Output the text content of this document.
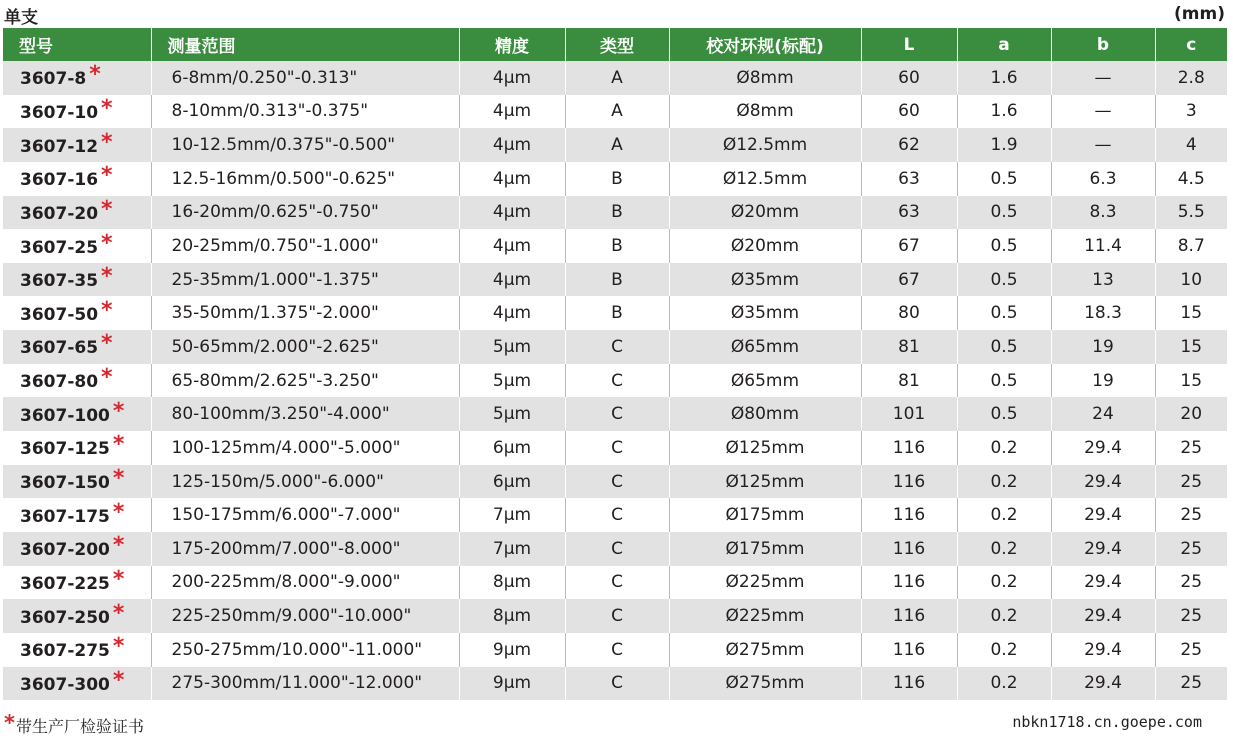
单支	(mm)
型号	测量范围	精度	类型	校对环规(标配)	L	a	b	c
3607-8 *	6-8mm/0.250"-0.313"	4μm	A	Ø8mm	60	1.6	—	2.8
3607-10 *	8-10mm/0.313"-0.375"	4μm	A	Ø8mm	60	1.6	—	3
3607-12 *	10-12.5mm/0.375"-0.500"	4μm	A	Ø12.5mm	62	1.9	—	4
3607-16 *	12.5-16mm/0.500"-0.625"	4μm	B	Ø12.5mm	63	0.5	6.3	4.5
3607-20 *	16-20mm/0.625"-0.750"	4μm	B	Ø20mm	63	0.5	8.3	5.5
3607-25 *	20-25mm/0.750"-1.000"	4μm	B	Ø20mm	67	0.5	11.4	8.7
3607-35 *	25-35mm/1.000"-1.375"	4μm	B	Ø35mm	67	0.5	13	10
3607-50 *	35-50mm/1.375"-2.000"	4μm	B	Ø35mm	80	0.5	18.3	15
3607-65 *	50-65mm/2.000"-2.625"	5μm	C	Ø65mm	81	0.5	19	15
3607-80 *	65-80mm/2.625"-3.250"	5μm	C	Ø65mm	81	0.5	19	15
3607-100 *	80-100mm/3.250"-4.000"	5μm	C	Ø80mm	101	0.5	24	20
3607-125 *	100-125mm/4.000"-5.000"	6μm	C	Ø125mm	116	0.2	29.4	25
3607-150 *	125-150m/5.000"-6.000"	6μm	C	Ø125mm	116	0.2	29.4	25
3607-175 *	150-175mm/6.000"-7.000"	7μm	C	Ø175mm	116	0.2	29.4	25
3607-200 *	175-200mm/7.000"-8.000"	7μm	C	Ø175mm	116	0.2	29.4	25
3607-225 *	200-225mm/8.000"-9.000"	8μm	C	Ø225mm	116	0.2	29.4	25
3607-250 *	225-250mm/9.000"-10.000"	8μm	C	Ø225mm	116	0.2	29.4	25
3607-275 *	250-275mm/10.000"-11.000"	9μm	C	Ø275mm	116	0.2	29.4	25
3607-300 *	275-300mm/11.000"-12.000"	9μm	C	Ø275mm	116	0.2	29.4	25
*带生产厂检验证书	nbkn1718.cn.goepe.com
